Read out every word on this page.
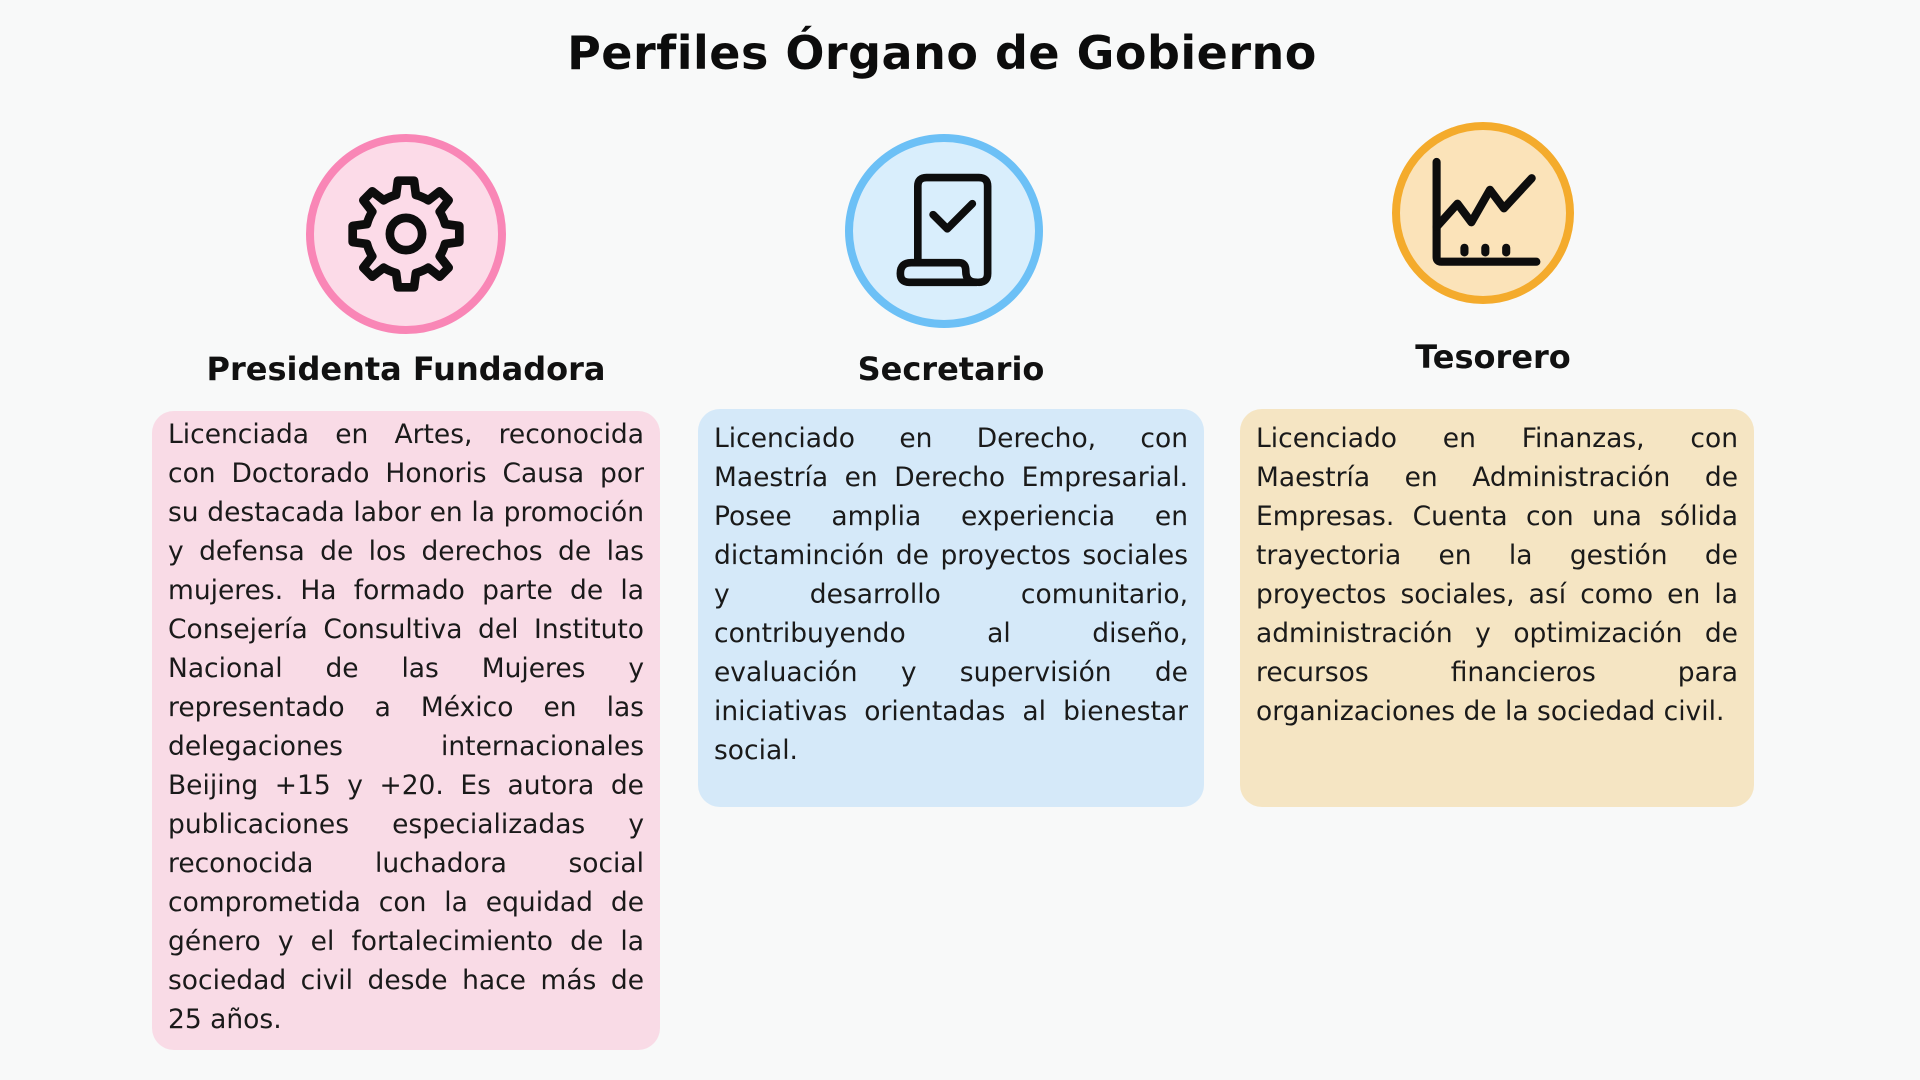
Perfiles Órgano de Gobierno
Presidenta Fundadora

Licenciada en Artes, reconocida con Doctorado Honoris Causa por su destacada labor en la promoción y defensa de los derechos de las mujeres. Ha formado parte de la Consejería Consultiva del Instituto Nacional de las Mujeres y representado a México en las delegaciones internacionales Beijing +15 y +20. Es autora de publicaciones especializadas y reconocida luchadora social comprometida con la equidad de género y el fortalecimiento de la sociedad civil desde hace más de 25 años.

Secretario

Licenciado en Derecho, con Maestría en Derecho Empresarial. Posee amplia experiencia en dictaminción de proyectos sociales y desarrollo comunitario, contribuyendo al diseño, evaluación y supervisión de iniciativas orientadas al bienestar social.

Tesorero

Licenciado en Finanzas, con Maestría en Administración de Empresas. Cuenta con una sólida trayectoria en la gestión de proyectos sociales, así como en la administración y optimización de recursos financieros para organizaciones de la sociedad civil.
